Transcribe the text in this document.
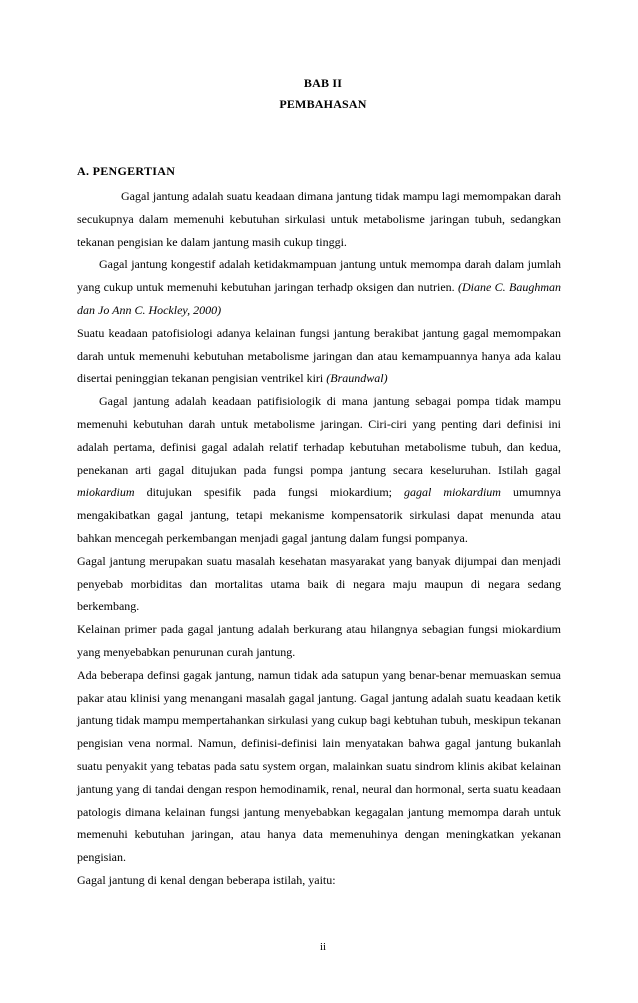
BAB II
PEMBAHASAN
A. PENGERTIAN

Gagal jantung adalah suatu keadaan dimana jantung tidak mampu lagi memompakan darah secukupnya dalam memenuhi kebutuhan sirkulasi untuk metabolisme jaringan tubuh, sedangkan tekanan pengisian ke dalam jantung masih cukup tinggi.

Gagal jantung kongestif adalah ketidakmampuan jantung untuk memompa darah dalam jumlah yang cukup untuk memenuhi kebutuhan jaringan terhadp oksigen dan nutrien. (Diane C. Baughman dan Jo Ann C. Hockley, 2000)

Suatu keadaan patofisiologi adanya kelainan fungsi jantung berakibat jantung gagal memompakan darah untuk memenuhi kebutuhan metabolisme jaringan dan atau kemampuannya hanya ada kalau disertai peninggian tekanan pengisian ventrikel kiri (Braundwal)

Gagal jantung adalah keadaan patifisiologik di mana jantung sebagai pompa tidak mampu memenuhi kebutuhan darah untuk metabolisme jaringan. Ciri-ciri yang penting dari definisi ini adalah pertama, definisi gagal adalah relatif terhadap kebutuhan metabolisme tubuh, dan kedua, penekanan arti gagal ditujukan pada fungsi pompa jantung secara keseluruhan. Istilah gagal miokardium ditujukan spesifik pada fungsi miokardium; gagal miokardium umumnya mengakibatkan gagal jantung, tetapi mekanisme kompensatorik sirkulasi dapat menunda atau bahkan mencegah perkembangan menjadi gagal jantung dalam fungsi pompanya.

Gagal jantung merupakan suatu masalah kesehatan masyarakat yang banyak dijumpai dan menjadi penyebab morbiditas dan mortalitas utama baik di negara maju maupun di negara sedang berkembang.

Kelainan primer pada gagal jantung adalah berkurang atau hilangnya sebagian fungsi miokardium yang menyebabkan penurunan curah jantung.

Ada beberapa definsi gagak jantung, namun tidak ada satupun yang benar-benar memuaskan semua pakar atau klinisi yang menangani masalah gagal jantung. Gagal jantung adalah suatu keadaan ketik jantung tidak mampu mempertahankan sirkulasi yang cukup bagi kebtuhan tubuh, meskipun tekanan pengisian vena normal. Namun, definisi-definisi lain menyatakan bahwa gagal jantung bukanlah suatu penyakit yang tebatas pada satu system organ, malainkan suatu sindrom klinis akibat kelainan jantung yang di tandai dengan respon hemodinamik, renal, neural dan hormonal, serta suatu keadaan patologis dimana kelainan fungsi jantung menyebabkan kegagalan jantung memompa darah untuk memenuhi kebutuhan jaringan, atau hanya data memenuhinya dengan meningkatkan yekanan pengisian.

Gagal jantung di kenal dengan beberapa istilah, yaitu:

ii
